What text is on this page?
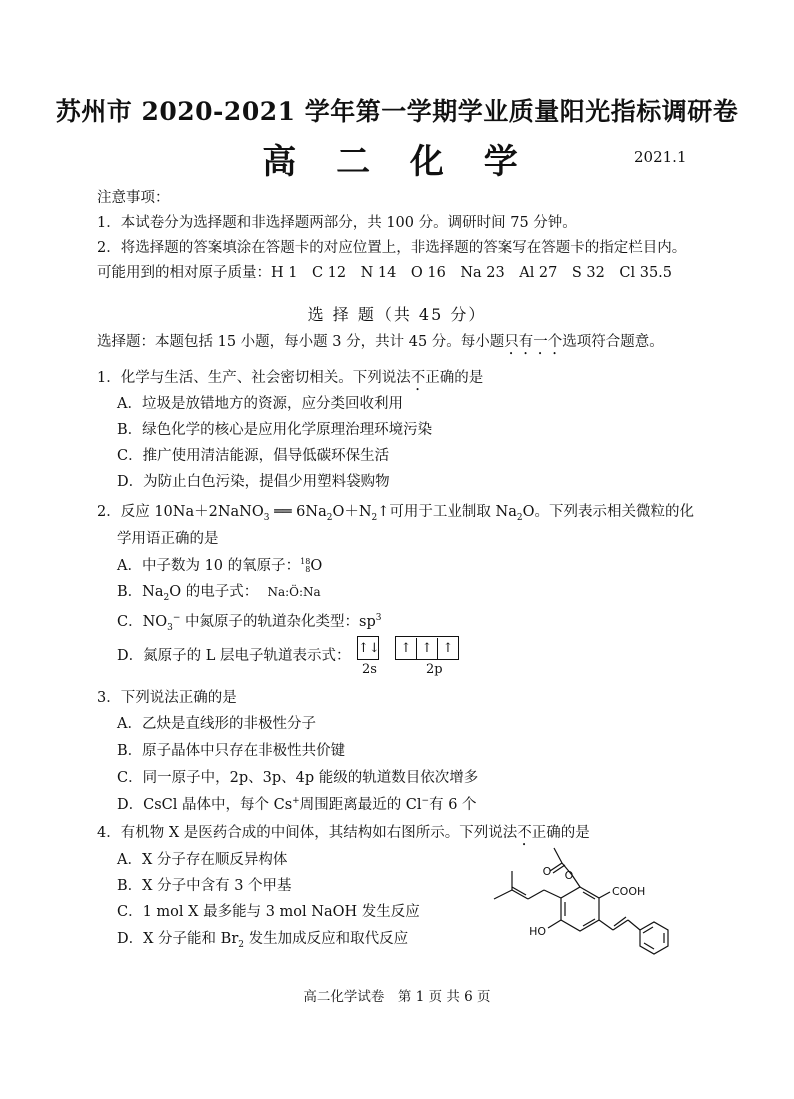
苏州市 2020-2021 学年第一学期学业质量阳光指标调研卷
高 二 化 学	2021.1
注意事项：
1．本试卷分为选择题和非选择题两部分，共 100 分。调研时间 75 分钟。
2．将选择题的答案填涂在答题卡的对应位置上，非选择题的答案写在答题卡的指定栏目内。
可能用到的相对原子质量：H 1　C 12　N 14　O 16　Na 23　Al 27　S 32　Cl 35.5
选 择 题（共 45 分）
选择题：本题包括 15 小题，每小题 3 分，共计 45 分。每小题只有一个选项符合题意。
1．化学与生活、生产、社会密切相关。下列说法不正确的是
A．垃圾是放错地方的资源，应分类回收利用
B．绿色化学的核心是应用化学原理治理环境污染
C．推广使用清洁能源，倡导低碳环保生活
D．为防止白色污染，提倡少用塑料袋购物
2．反应 10Na＋2NaNO$_3$ ══ $6Na_2O+N_2↑$可用于工业制取 $Na_2O$。下列表示相关微粒的化
学用语正确的是
A．中子数为 10 的氧原子： 18
8 O
B．$Na_2O$ 的电子式： Na:Ö:Na
C．$NO_3^-$ 中氮原子的轨道杂化类型：$sp^3$
D．氮原子的 L 层电子轨道表示式： ↑↓	↑ ↑ ↑
2s	2p
3．下列说法正确的是
A．乙炔是直线形的非极性分子
B．原子晶体中只存在非极性共价键
C．同一原子中，2p、3p、4p 能级的轨道数目依次增多
D．CsCl 晶体中，每个 Cs+周围距离最近的 Cl−有 6 个
4．有机物 X 是医药合成的中间体，其结构如右图所示。下列说法不正确的是
A．X 分子存在顺反异构体
B．X 分子中含有 3 个甲基
C．1 mol X 最多能与 3 mol NaOH 发生反应
D．X 分子能和 $Br_2$ 发生加成反应和取代反应
O
O
COOH
HO
高二化学试卷　第 1 页 共 6 页
